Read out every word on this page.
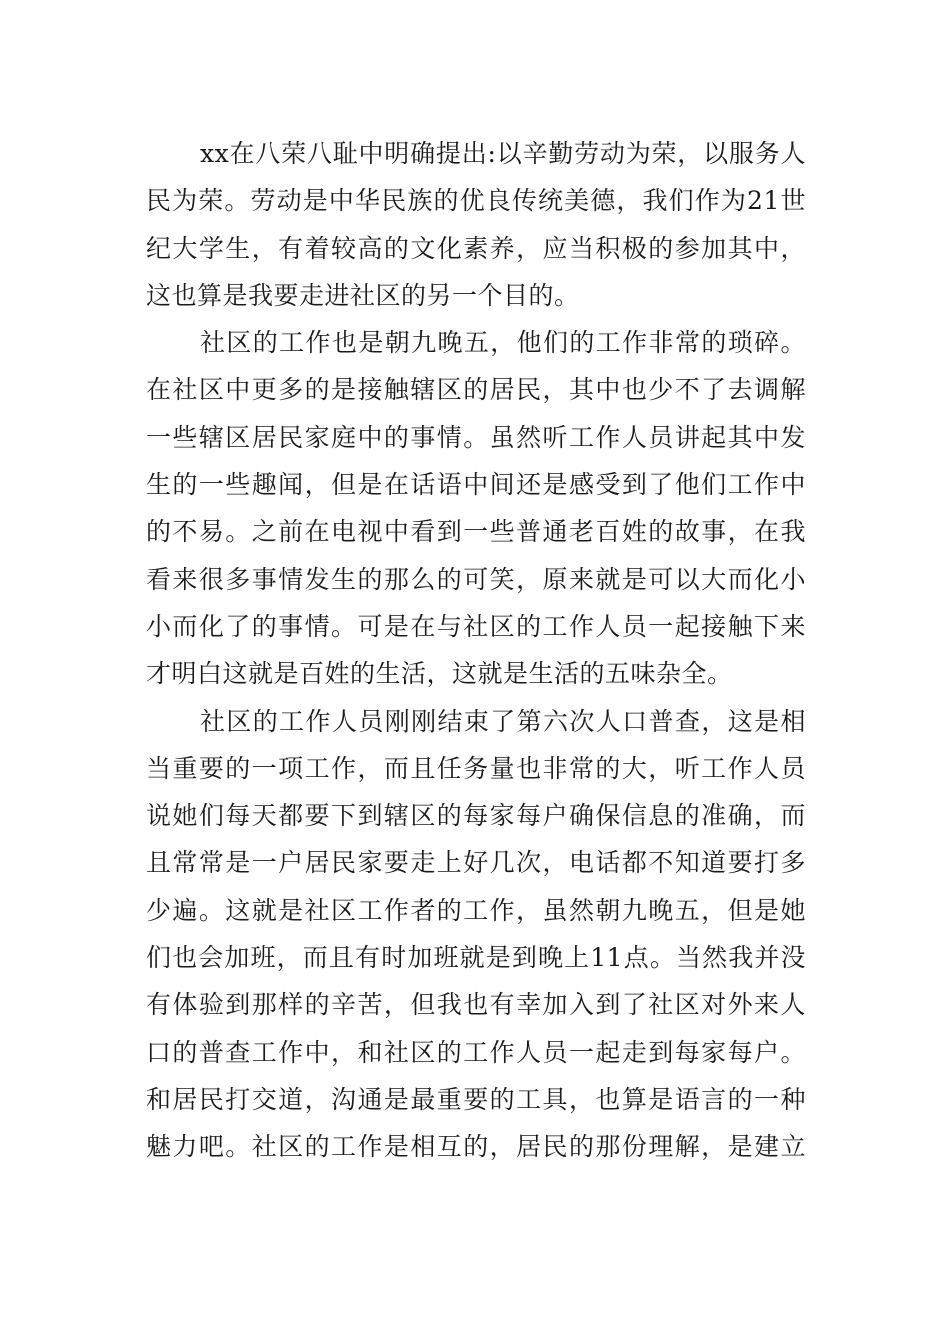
xx在八荣八耻中明确提出:以辛勤劳动为荣，以服务人
民为荣。劳动是中华民族的优良传统美德，我们作为21世
纪大学生，有着较高的文化素养，应当积极的参加其中，
这也算是我要走进社区的另一个目的。
社区的工作也是朝九晚五，他们的工作非常的琐碎。
在社区中更多的是接触辖区的居民，其中也少不了去调解
一些辖区居民家庭中的事情。虽然听工作人员讲起其中发
生的一些趣闻，但是在话语中间还是感受到了他们工作中
的不易。之前在电视中看到一些普通老百姓的故事，在我
看来很多事情发生的那么的可笑，原来就是可以大而化小
小而化了的事情。可是在与社区的工作人员一起接触下来
才明白这就是百姓的生活，这就是生活的五味杂全。
社区的工作人员刚刚结束了第六次人口普查，这是相
当重要的一项工作，而且任务量也非常的大，听工作人员
说她们每天都要下到辖区的每家每户确保信息的准确，而
且常常是一户居民家要走上好几次，电话都不知道要打多
少遍。这就是社区工作者的工作，虽然朝九晚五，但是她
们也会加班，而且有时加班就是到晚上11点。当然我并没
有体验到那样的辛苦，但我也有幸加入到了社区对外来人
口的普查工作中，和社区的工作人员一起走到每家每户。
和居民打交道，沟通是最重要的工具，也算是语言的一种
魅力吧。社区的工作是相互的，居民的那份理解，是建立
